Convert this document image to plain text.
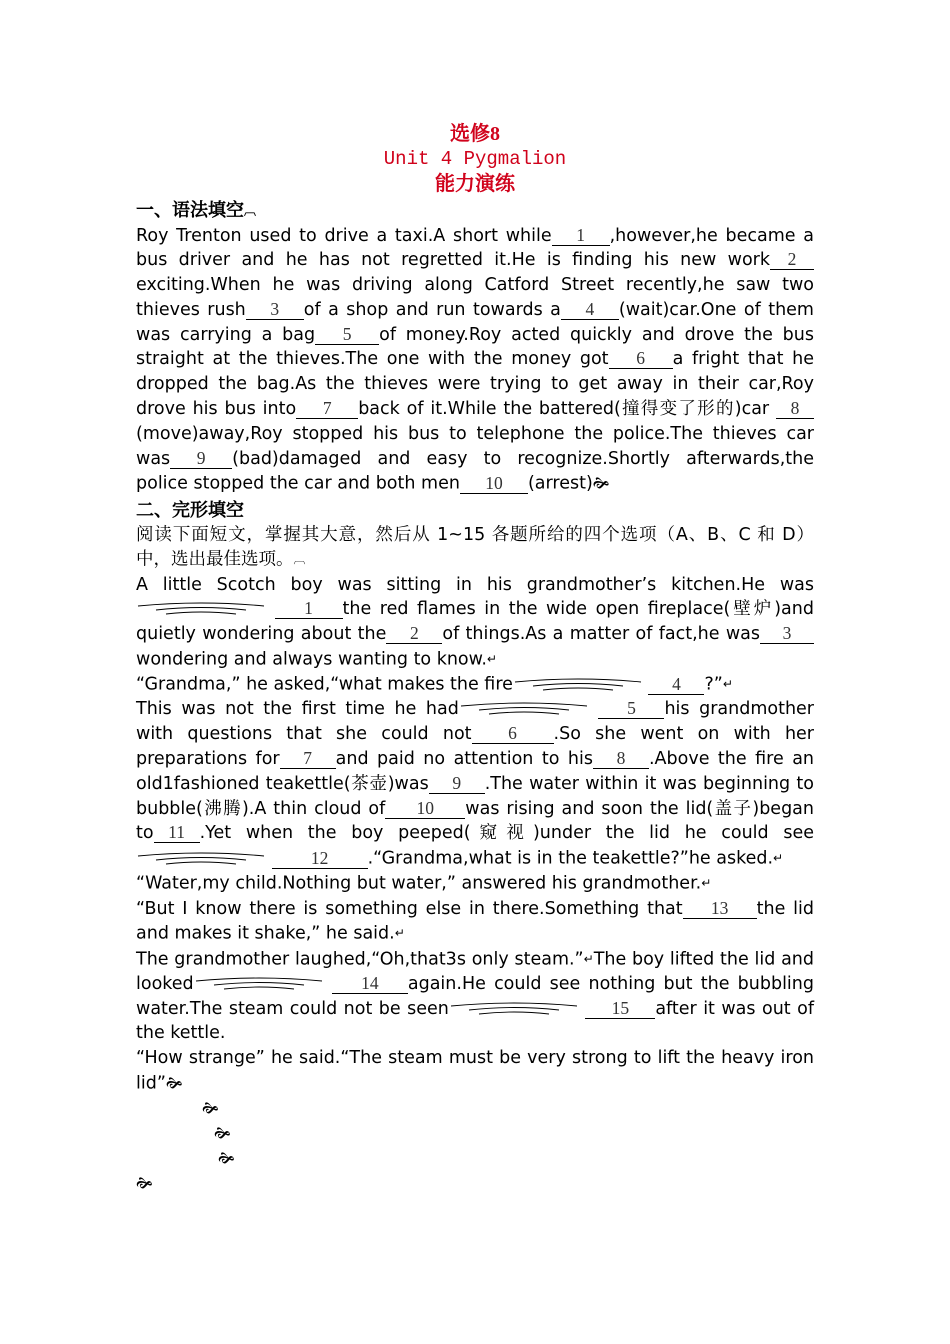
选修8
Unit 4 Pygmalion
能力演练
一、语法填空︹

Roy Trenton used to drive a taxi.A short while 1 ,however,he became a bus driver and he has not regretted it.He is finding his new work 2 exciting.When he was driving along Catford Street recently,he saw two thieves rush 3 of a shop and run towards a 4 (wait)car.One of them was carrying a bag 5 of money.Roy acted quickly and drove the bus straight at the thieves.The one with the money got 6 a fright that he dropped the bag.As the thieves were trying to get away in their car,Roy drove his bus into 7 back of it.While the battered(撞得变了形的)car 8(move)away,Roy stopped his bus to telephone the police.The thieves car was 9 (bad)damaged and easy to recognize.Shortly afterwards,the police stopped the car and both men 10 (arrest)🙞

二、完形填空

阅读下面短文，掌握其大意，然后从 1~15 各题所给的四个选项（A、B、C 和 D）中，选出最佳选项。︹

A little Scotch boy was sitting in his grandmother’s kitchen.He was 1 the red flames in the wide open fireplace(壁炉)and quietly wondering about the 2 of things.As a matter of fact,he was 3wondering and always wanting to know.↵

“Grandma,” he asked,“what makes the fire	4 ?”↵

This was not the first time he had	5 his grandmother with questions that she could not 6 .So she went on with her preparations for 7 and paid no attention to his 8 .Above the fire an old1fashioned teakettle(茶壶)was 9 .The water within it was beginning to bubble(沸腾).A thin cloud of 10 was rising and soon the lid(盖子)began to 11 .Yet when the boy peeped(窥视)under the lid he could see 12 .“Grandma,what is in the teakettle?”he asked.↵

“Water,my child.Nothing but water,” answered his grandmother.↵

“But I know there is something else in there.Something that 13 the lid and makes it shake,” he said.↵

The grandmother laughed,“Oh,that3s only steam.”↵The boy lifted the lid and looked	14 again.He could see nothing but the bubbling water.The steam could not be seen	15 after it was out of the kettle.

“How strange” he said.“The steam must be very strong to lift the heavy iron lid”🙞

🙞
🙞
🙞
🙞
